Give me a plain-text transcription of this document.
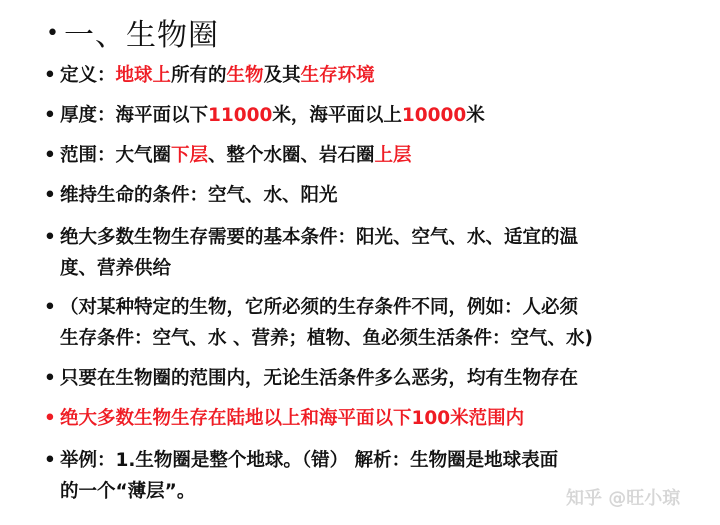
• 一、生物圈
• 定义：地球上所有的生物及其生存环境
• 厚度：海平面以下11000米，海平面以上10000米
• 范围：大气圈下层、整个水圈、岩石圈上层
• 维持生命的条件：空气、水、阳光
• 绝大多数生物生存需要的基本条件：阳光、空气、水、适宜的温
度、营养供给
• （对某种特定的生物，它所必须的生存条件不同，例如：人必须
生存条件：空气、水 、营养；植物、鱼必须生活条件：空气、水)
• 只要在生物圈的范围内，无论生活条件多么恶劣，均有生物存在
• 绝大多数生物生存在陆地以上和海平面以下100米范围内
• 举例：1.生物圈是整个地球。（错） 解析：生物圈是地球表面
的一个“薄层”。	知乎 @旺小琼
